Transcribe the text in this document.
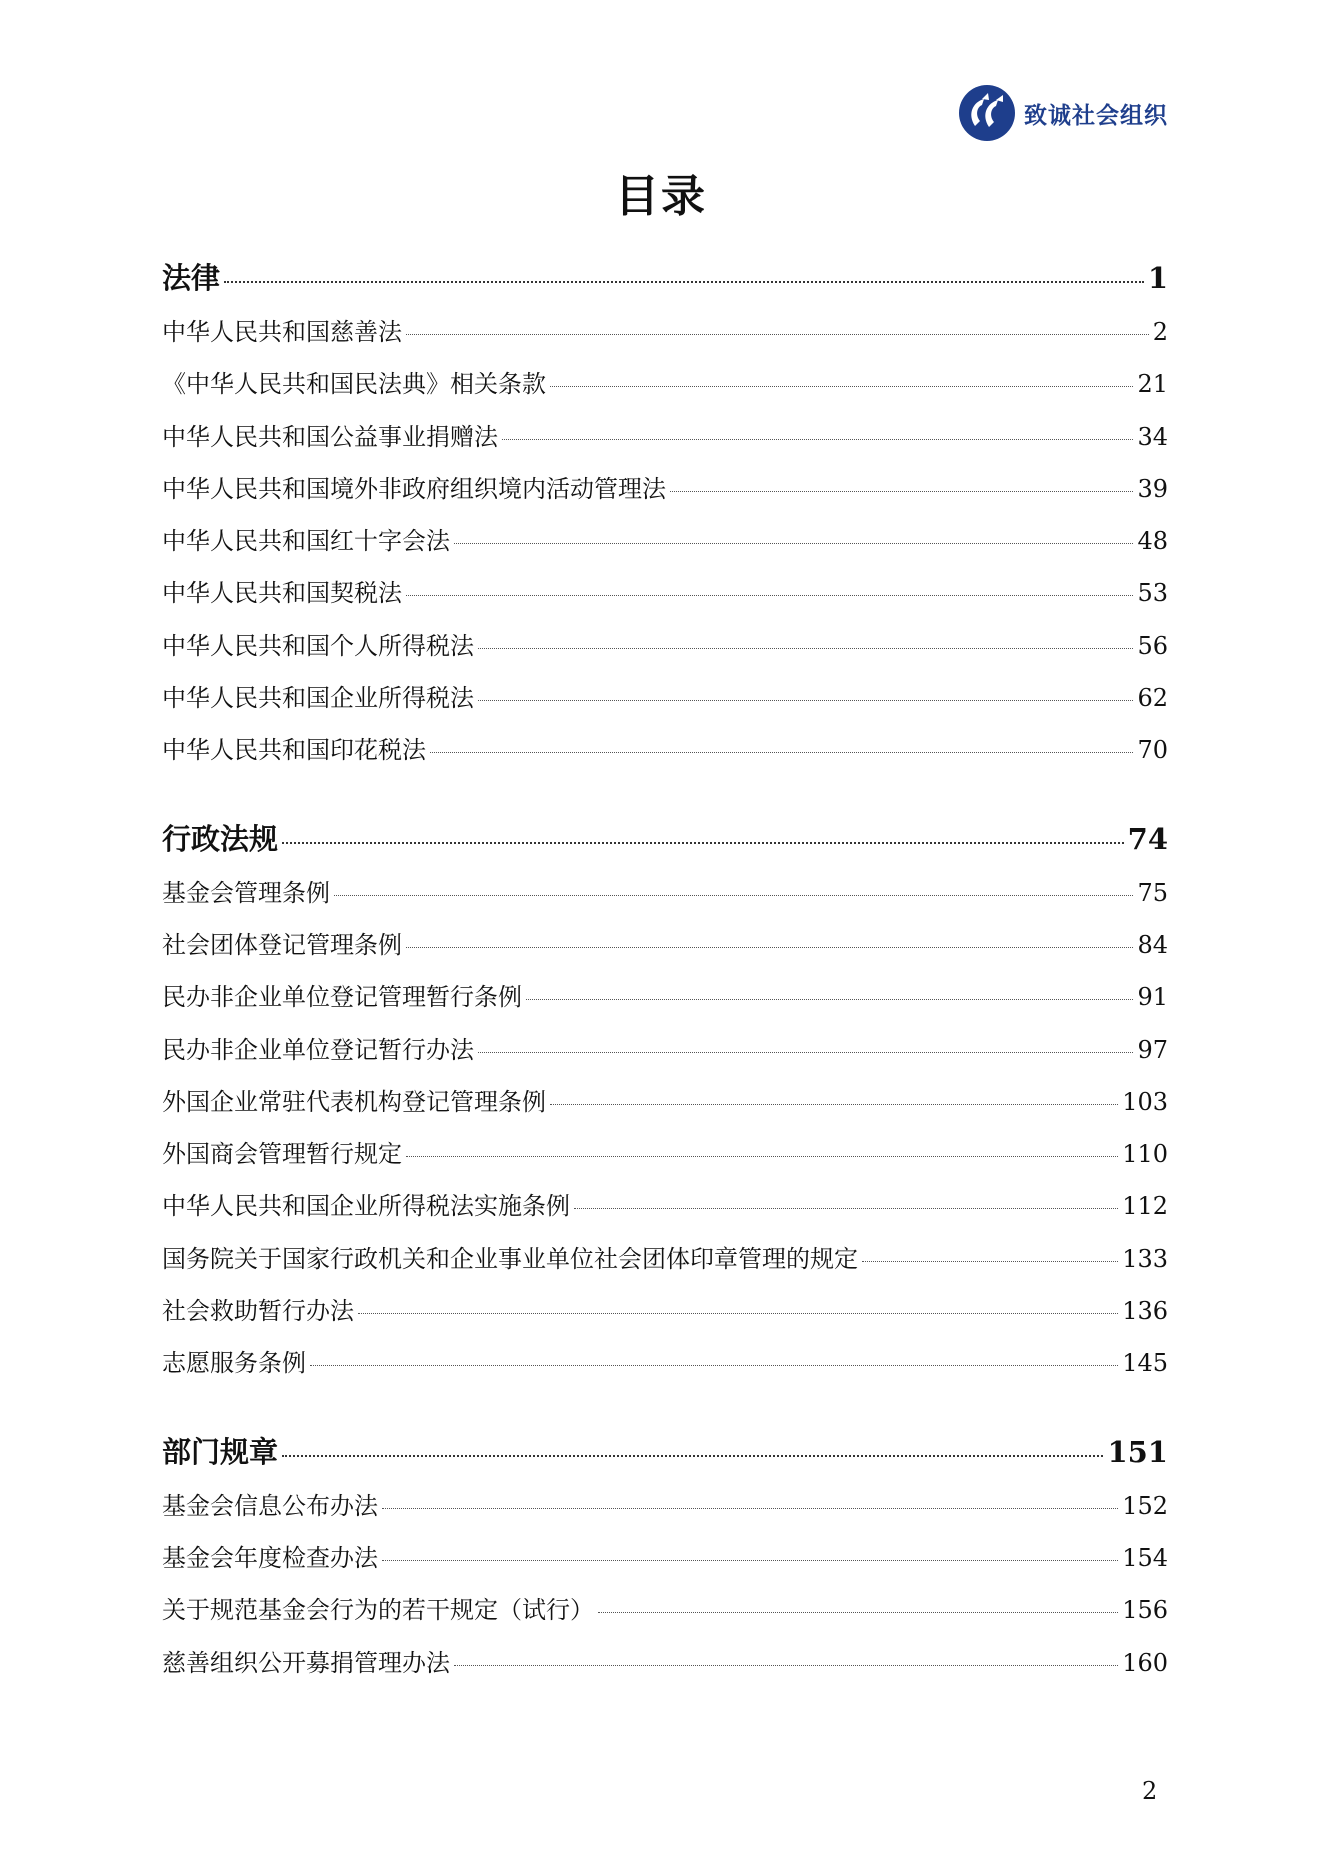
致诚社会组织
目录
法律	1
中华人民共和国慈善法	2
《中华人民共和国民法典》相关条款	21
中华人民共和国公益事业捐赠法	34
中华人民共和国境外非政府组织境内活动管理法	39
中华人民共和国红十字会法	48
中华人民共和国契税法	53
中华人民共和国个人所得税法	56
中华人民共和国企业所得税法	62
中华人民共和国印花税法	70
行政法规	74
基金会管理条例	75
社会团体登记管理条例	84
民办非企业单位登记管理暂行条例	91
民办非企业单位登记暂行办法	97
外国企业常驻代表机构登记管理条例	103
外国商会管理暂行规定	110
中华人民共和国企业所得税法实施条例	112
国务院关于国家行政机关和企业事业单位社会团体印章管理的规定	133
社会救助暂行办法	136
志愿服务条例	145
部门规章	151
基金会信息公布办法	152
基金会年度检查办法	154
关于规范基金会行为的若干规定（试行）	156
慈善组织公开募捐管理办法	160
2
